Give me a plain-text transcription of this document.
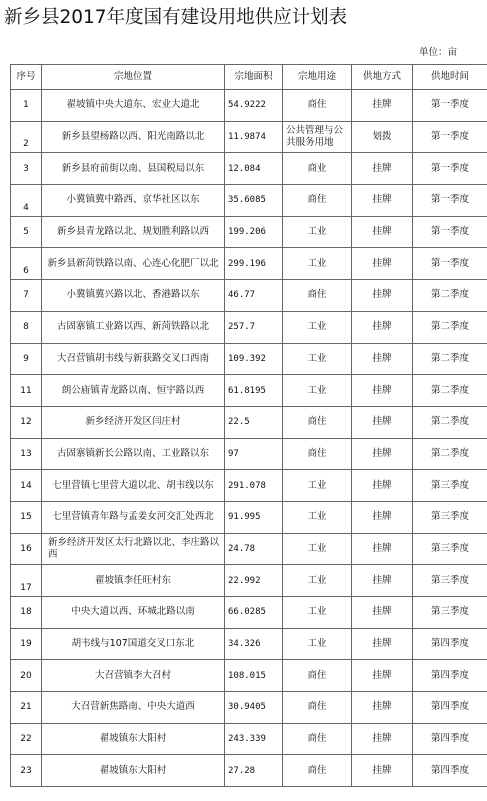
新乡县2017年度国有建设用地供应计划表
单位：亩
序号	宗地位置	宗地面积	宗地用途	供地方式	供地时间
1	翟坡镇中央大道东、宏业大道北	54.9222	商住	挂牌	第一季度
2	新乡县望杨路以西、阳光南路以北	11.9874	公共管理与公共服务用地	划拨	第一季度
3	新乡县府前街以南、县国税局以东	12.084	商业	挂牌	第一季度
4	小冀镇冀中路西、京华社区以东	35.6085	商住	挂牌	第一季度
5	新乡县青龙路以北、规划胜利路以西	199.206	工业	挂牌	第一季度
6	新乡县新菏铁路以南、心连心化肥厂以北	299.196	工业	挂牌	第一季度
7	小冀镇冀兴路以北、香港路以东	46.77	商住	挂牌	第二季度
8	古固寨镇工业路以西、新菏铁路以北	257.7	工业	挂牌	第二季度
9	大召营镇胡韦线与新获路交叉口西南	109.392	工业	挂牌	第二季度
11	朗公庙镇青龙路以南、恒宇路以西	61.8195	工业	挂牌	第二季度
12	新乡经济开发区闫庄村	22.5	商住	挂牌	第二季度
13	古固寨镇新长公路以南、工业路以东	97	商住	挂牌	第二季度
14	七里营镇七里营大道以北、胡韦线以东	291.078	工业	挂牌	第三季度
15	七里营镇青年路与孟姜女河交汇处西北	91.995	工业	挂牌	第三季度
16	新乡经济开发区太行北路以北、李庄路以西	24.78	工业	挂牌	第三季度
17	翟坡镇李任旺村东	22.992	工业	挂牌	第三季度
18	中央大道以西、环城北路以南	66.0285	工业	挂牌	第三季度
19	胡韦线与107国道交叉口东北	34.326	工业	挂牌	第四季度
20	大召营镇李大召村	108.015	商住	挂牌	第四季度
21	大召营新焦路南、中央大道西	30.9405	商住	挂牌	第四季度
22	翟坡镇东大阳村	243.339	商住	挂牌	第四季度
23	翟坡镇东大阳村	27.28	商住	挂牌	第四季度
